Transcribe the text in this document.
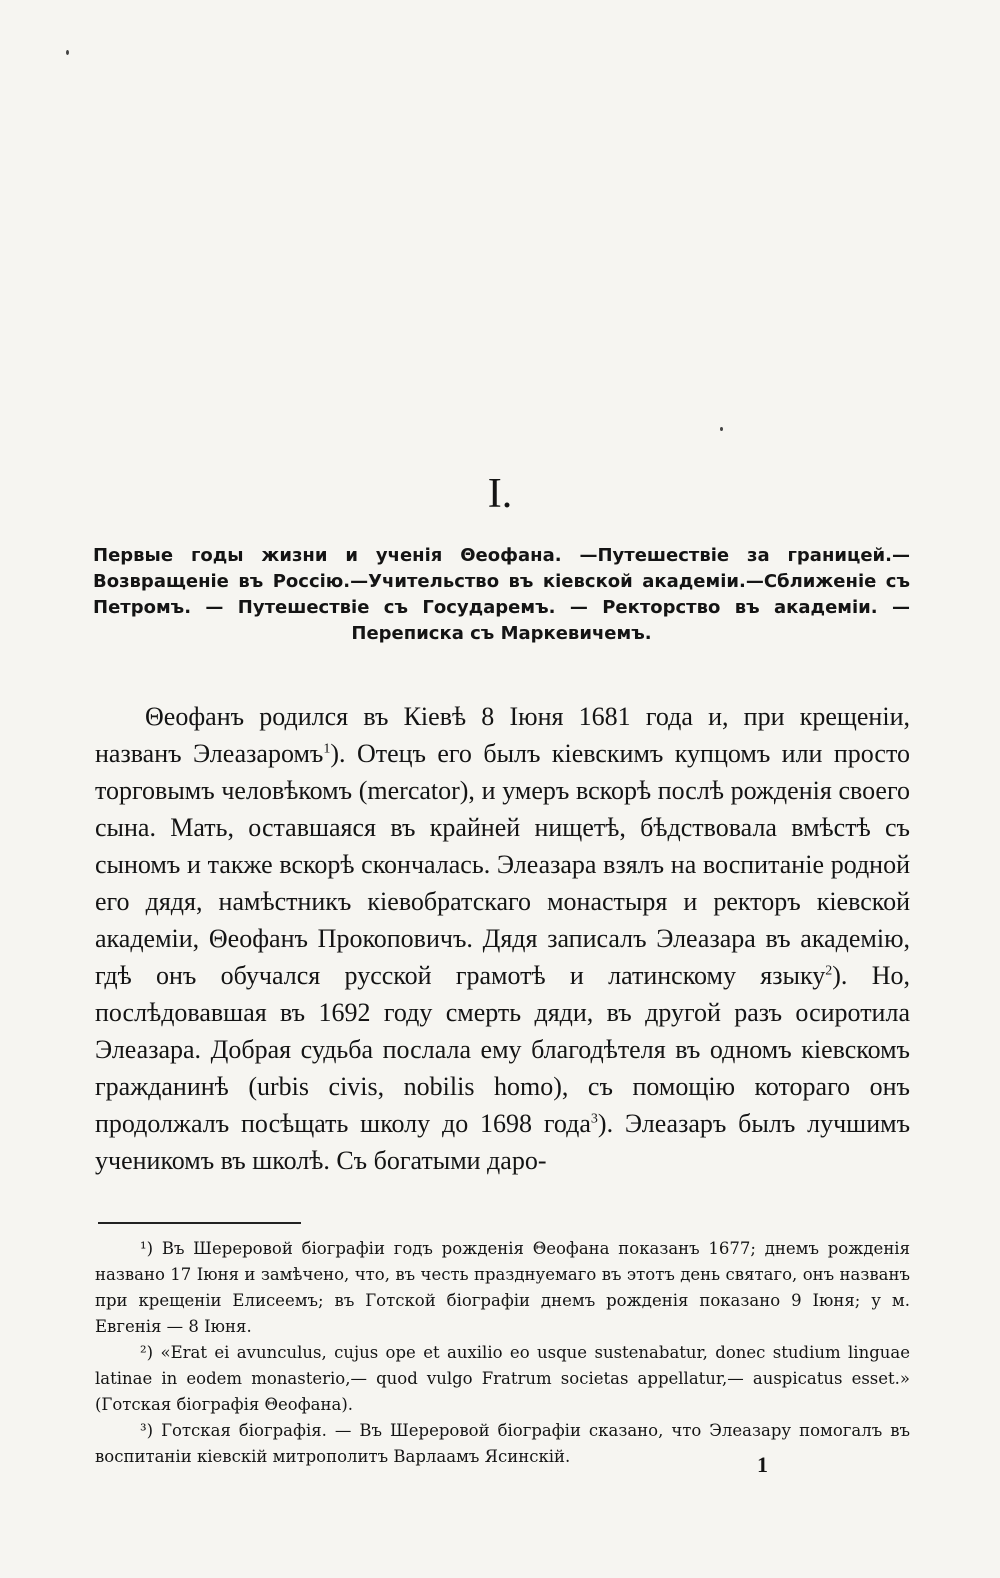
I.
Первые годы жизни и ученія Θеофана. —Путешествіе за границей.— Возвращеніе въ Россію.—Учительство въ кіевской академіи.—Сближеніе съ Петромъ. — Путешествіе съ Государемъ. — Ректорство въ академіи. — Переписка съ Маркевичемъ.

Θеофанъ родился въ Кіевѣ 8 Іюня 1681 года и, при крещеніи, названъ Элеазаромъ$^1$). Отецъ его былъ кіевскимъ купцомъ или просто торговымъ человѣкомъ (mercator), и умеръ вскорѣ послѣ рожденія своего сына. Мать, оставшаяся въ крайней нищетѣ, бѣдствовала вмѣстѣ съ сыномъ и также вскорѣ скончалась. Элеазара взялъ на воспитаніе родной его дядя, намѣстникъ кіевобратскаго монастыря и ректоръ кіевской академіи, Θеофанъ Прокоповичъ. Дядя записалъ Элеазара въ академію, гдѣ онъ обучался русской грамотѣ и латинскому языку$^2$). Но, послѣдовавшая въ 1692 году смерть дяди, въ другой разъ осиротила Элеазара. Добрая судьба послала ему благодѣтеля въ одномъ кіевскомъ гражданинѣ (urbis civis, nobilis homo), съ помощію котораго онъ продолжалъ посѣщать школу до 1698 года$^3$). Элеазаръ былъ лучшимъ ученикомъ въ школѣ. Съ богатыми даро-

¹) Въ Шереровой біографіи годъ рожденія Θеофана показанъ 1677; днемъ рожденія названо 17 Іюня и замѣчено, что, въ честь празднуемаго въ этотъ день святаго, онъ названъ при крещеніи Елисеемъ; въ Готской біографіи днемъ рожденія показано 9 Іюня; у м. Евгенія — 8 Іюня.

²) «Erat ei avunculus, cujus ope et auxilio eo usque sustenabatur, donec studium linguae latinae in eodem monasterio,— quod vulgo Fratrum societas appellatur,— auspicatus esset.» (Готская біографія Θеофана).

³) Готская біографія. — Въ Шереровой біографіи сказано, что Элеазару помогалъ въ воспитаніи кіевскій митрополитъ Варлаамъ Ясинскій.	1
